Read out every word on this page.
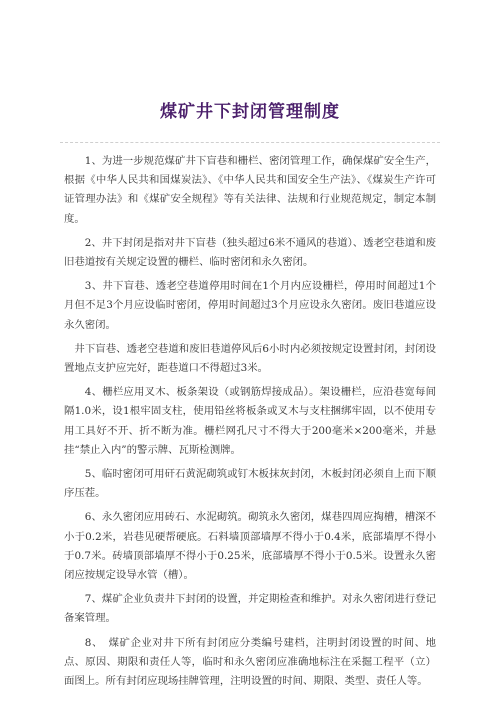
煤矿井下封闭管理制度

1、为进一步规范煤矿井下盲巷和栅栏、密闭管理工作，确保煤矿安全生产，根据《中华人民共和国煤炭法》、《中华人民共和国安全生产法》、《煤炭生产许可证管理办法》和《煤矿安全规程》等有关法律、法规和行业规范规定，制定本制度。

2、井下封闭是指对井下盲巷（独头超过6米不通风的巷道）、透老空巷道和废旧巷道按有关规定设置的栅栏、临时密闭和永久密闭。

3、井下盲巷、透老空巷道停用时间在1个月内应设栅栏，停用时间超过1个月但不足3个月应设临时密闭，停用时间超过3个月应设永久密闭。废旧巷道应设永久密闭。

井下盲巷、透老空巷道和废旧巷道停风后6小时内必须按规定设置封闭，封闭设置地点支护应完好，距巷道口不得超过3米。

4、栅栏应用叉木、板条架设（或钢筋焊接成品）。架设栅栏，应沿巷宽每间隔1.0米，设1根牢固支柱，使用铅丝将板条或叉木与支柱捆绑牢固，以不使用专用工具好不开、折不断为准。栅栏网孔尺寸不得大于200毫米×200毫米，并悬挂“禁止入内”的警示牌、瓦斯检测牌。

5、临时密闭可用矸石黄泥砌筑或钉木板抹灰封闭，木板封闭必须自上而下顺序压茬。

6、永久密闭应用砖石、水泥砌筑。砌筑永久密闭，煤巷四周应掏槽，槽深不小于0.2米，岩巷见硬帮硬底。石料墙顶部墙厚不得小于0.4米，底部墙厚不得小于0.7米。砖墙顶部墙厚不得小于0.25米，底部墙厚不得小于0.5米。设置永久密闭应按规定设导水管（槽）。

7、煤矿企业负责井下封闭的设置，并定期检查和维护。对永久密闭进行登记备案管理。

8、　煤矿企业对井下所有封闭应分类编号建档，注明封闭设置的时间、地点、原因、期限和责任人等，临时和永久密闭应准确地标注在采掘工程平（立）面图上。所有封闭应现场挂牌管理，注明设置的时间、期限、类型、责任人等。
